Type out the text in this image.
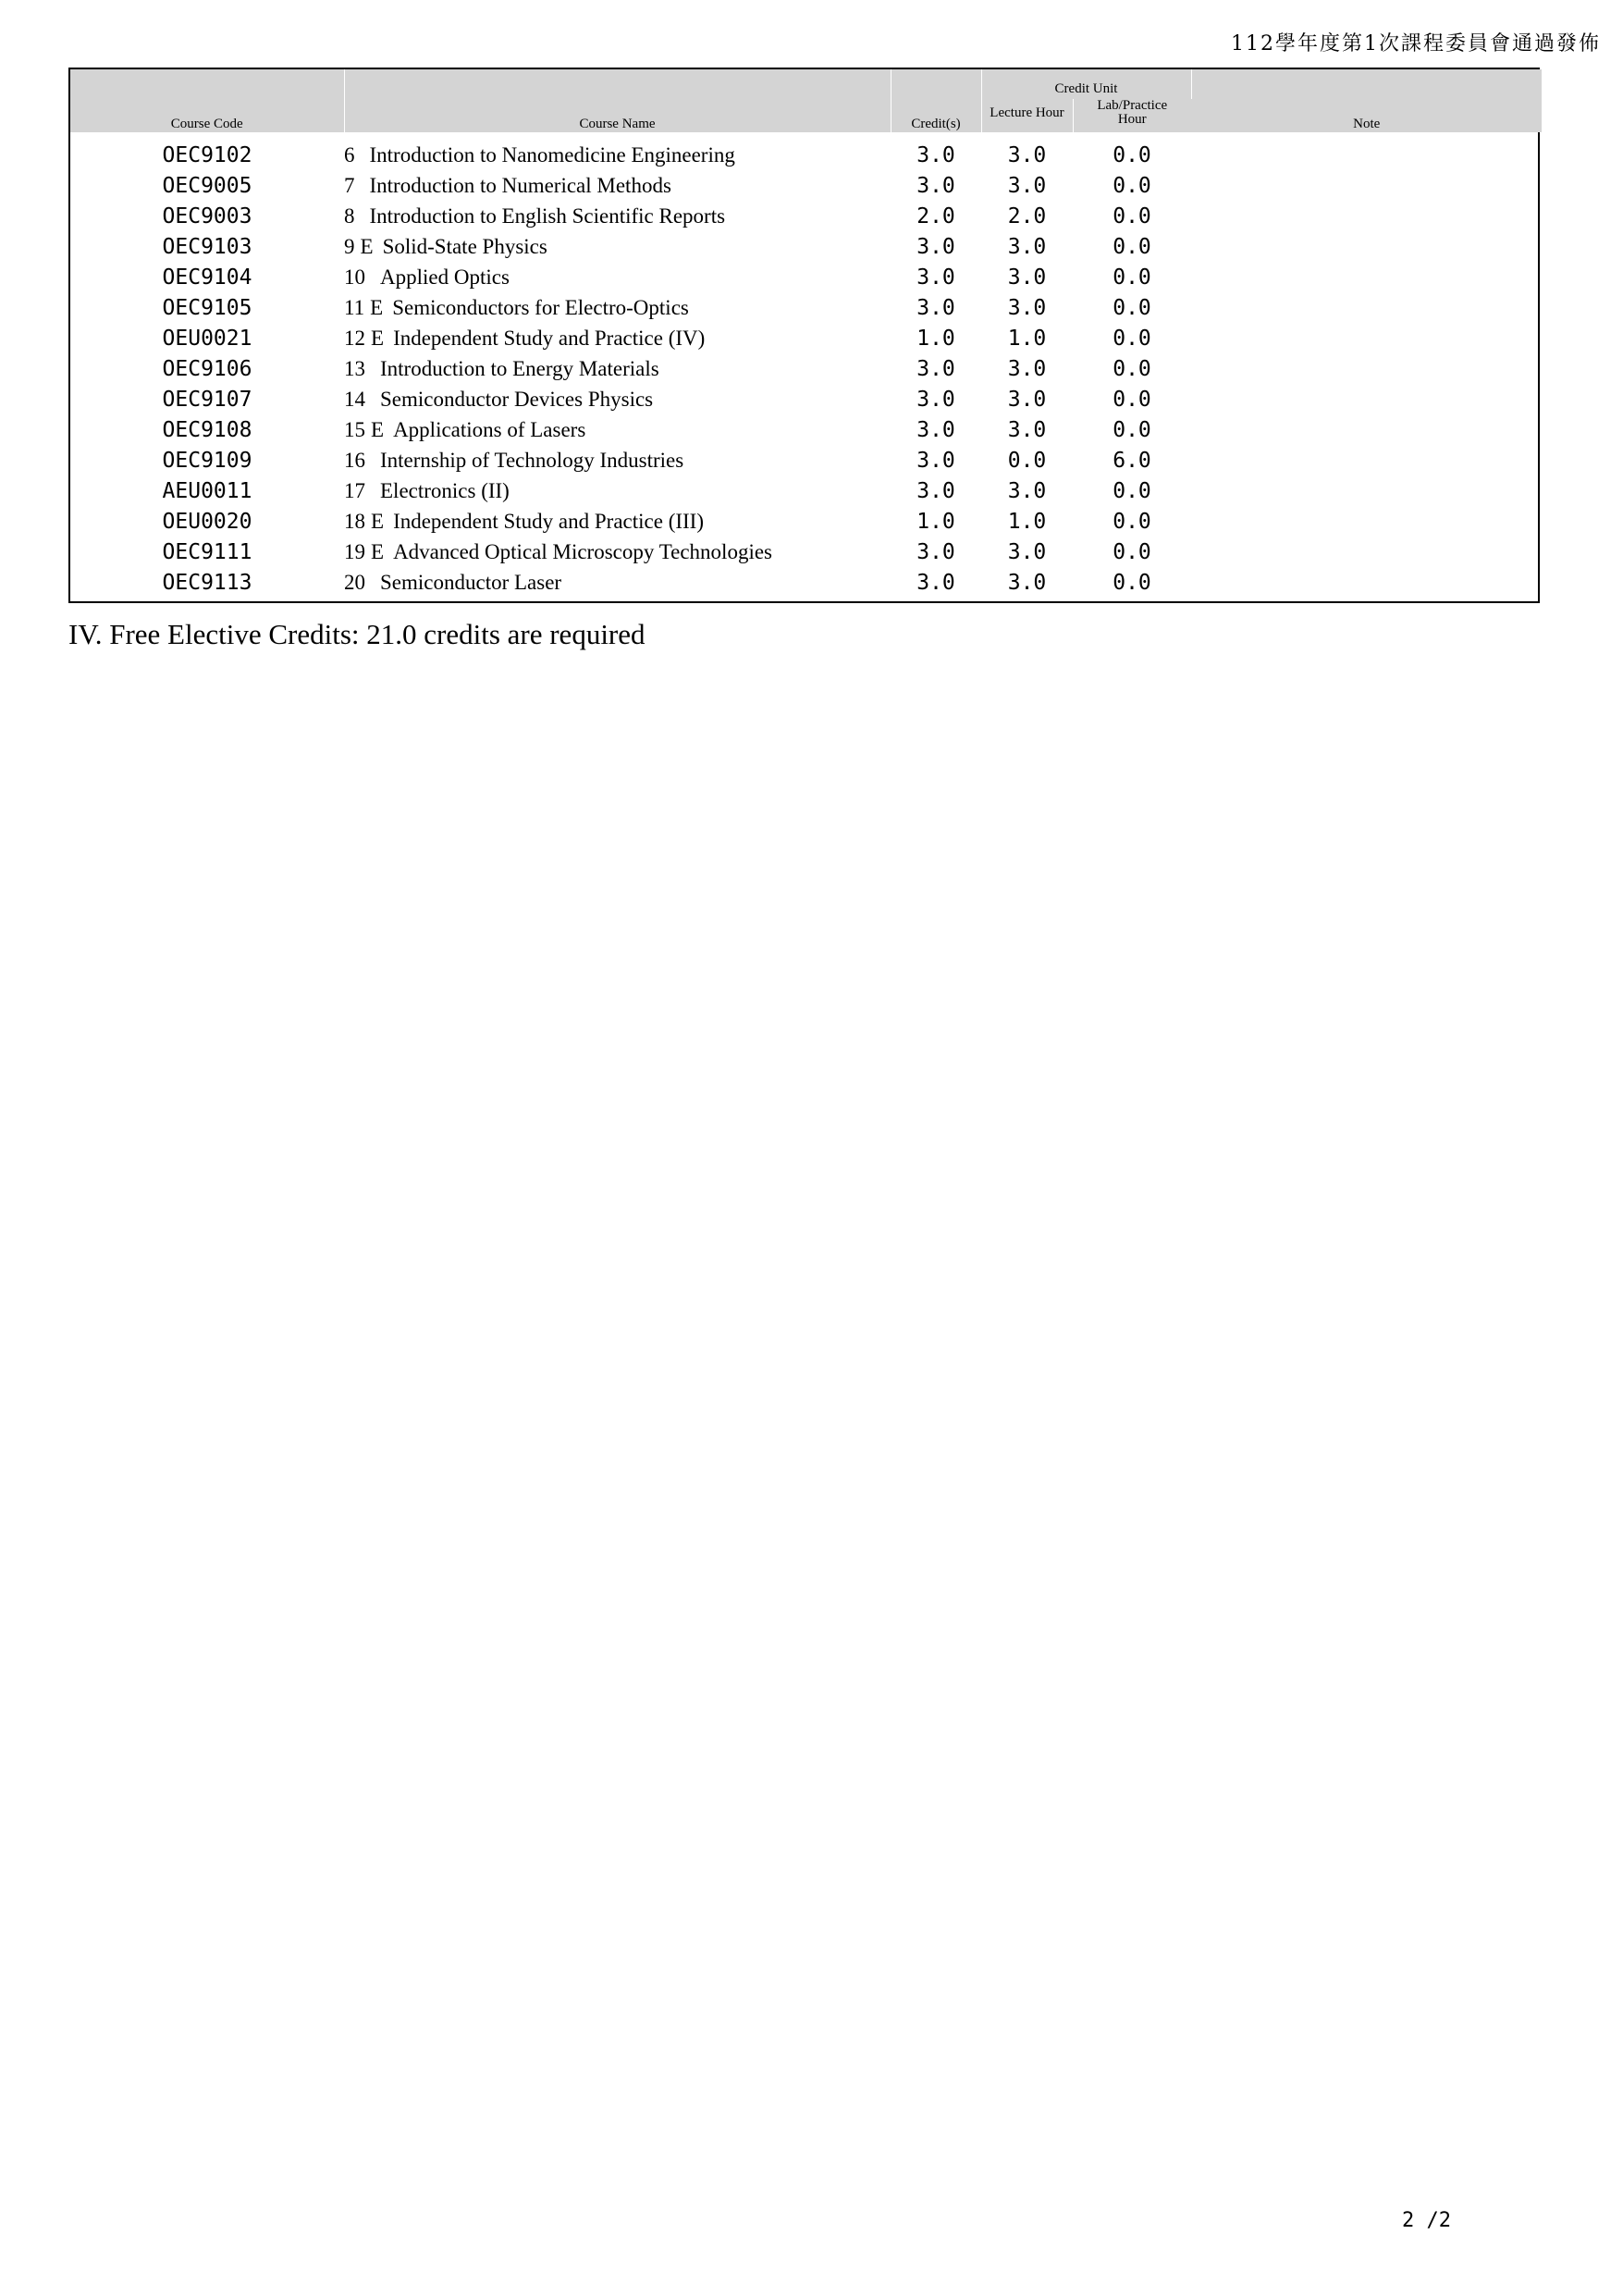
112學年度第1次課程委員會通過發佈
Course Code	Course Name	Credit(s)	Credit Unit		Note

			Lecture Hour	Lab/Practice
Hour	

OEC9102	6 Introduction to Nanomedicine Engineering	3.0	3.0	0.0	
OEC9005	7 Introduction to Numerical Methods	3.0	3.0	0.0	
OEC9003	8 Introduction to English Scientific Reports	2.0	2.0	0.0	
OEC9103	9 E Solid-State Physics	3.0	3.0	0.0	
OEC9104	10 Applied Optics	3.0	3.0	0.0	
OEC9105	11 E Semiconductors for Electro-Optics	3.0	3.0	0.0	
OEU0021	12 E Independent Study and Practice (IV)	1.0	1.0	0.0	
OEC9106	13 Introduction to Energy Materials	3.0	3.0	0.0	
OEC9107	14 Semiconductor Devices Physics	3.0	3.0	0.0	
OEC9108	15 E Applications of Lasers	3.0	3.0	0.0	
OEC9109	16 Internship of Technology Industries	3.0	0.0	6.0	
AEU0011	17 Electronics (II)	3.0	3.0	0.0	
OEU0020	18 E Independent Study and Practice (III)	1.0	1.0	0.0	
OEC9111	19 E Advanced Optical Microscopy Technologies	3.0	3.0	0.0	
OEC9113	20 Semiconductor Laser	3.0	3.0	0.0	
IV. Free Elective Credits: 21.0 credits are required
2 /2
